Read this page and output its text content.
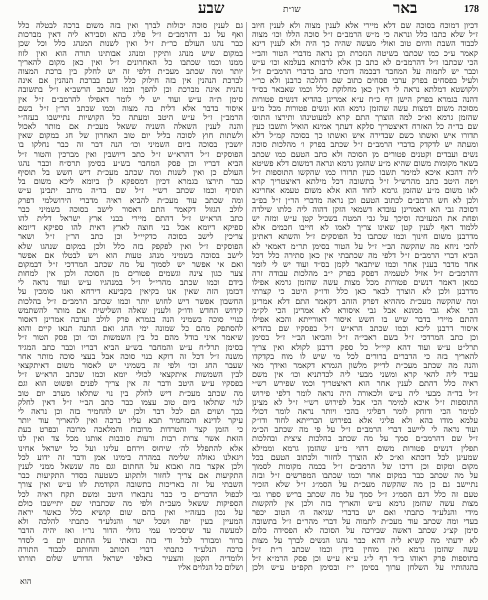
178
באר
שו״ת
שבע
דכיון דמוכח בסוכה שם דלא מיירי אלא לענין מצוה ולא לענין חיוב
ז״ל שלא כתבו כלל ונראה כי מ״ש הרמב״ם ז״ל סוכה הללו וכו׳ מצוה
לכבוד השבת והיום טוב ואולי מעשה שהיה כך היה ולא לענין דינא
קאמר ע״כ כמו שכתבו בשיטה הנזכרת וכן נראה מדברי הטור והב״י
הכי שכתבו ז״ל דהרמב״ם לא כתב כן אלא לרבותא בעלמא וכו׳ ע״ש
וכבר יש לתמוה על המחבר דבכמה דוכתי כתב כדברי הרמב״ם ז״ל
ולעיל בפסחים בפרק ערבי פסחים כתוב שם דהלכה כרבנן ולא כר״י
ולקושטא דמלתא נראה לי דאין כאן מחלוקת כלל וכמו שאבאר בס״ד
דהנה בגמרא בפרק הישן דף כ״ח ע״א אמרינן בהדיא דנשים פטורות
מסוכה משום דמצות עשה שהזמן גרמא הוא ונשים פטורות מכל מ״ע
שהזמן גרמא וא״כ למה הוצרך התם קרא למעוטינהו ותירצו התוס׳
שם בד״ה כל האזרח דאיצטריך סלקא דעתך אמינא הואיל ותשבו כעין
תדורו איש ואשתו כשם שבדירה איש ואשתו כך בסוכה קמ״ל דלא
ומעתה יש לדקדק בדברי הרמב״ם ז״ל שכתב בפרק ו׳ מהלכות סוכה
נשים ועבדים וקטנים פטורים מן הסוכה ולא כתב הטעם כמו שכתב
בשאר מקומות משום שהיא מ״ע שהזמן גרמא ונראה דמשום דלא פשיטא
ליה דהכא איכא למימר תשבו כעין תדורו כמו שהקשו התוספות ז״ל
ויפה היטב כתב מהרש״ל ז״ל בתשובה דכל מילתא דאיצטריך קרא
לאו משום מ״ע שהזמן גרמא לחוד הוא אלא משום טעמא אחרינא
ולכן לא חש הרמב״ם לכתוב הטעם וכן נראה מדברי הר״ן ז״ל בפ״ב
דסוכה גבי הא דאמרינן עובדא דשמאי הזקן דהוה ליה כלתו שילדה
ופחת את המעזיבה וסיכך על גבי המטה בשביל קטן ע״ש ומזה יש
ללמוד דאף לענין קטן שאינו צריך לאמו לא חייבו חכמים אלא
מדרבנן משום חינוך וכמו שכתבו כל הפוסקים ז״ל והשתא דאתינן
להכי ניחא מה שהקשה הב״י ז״ל על הטור בסימן תר״מ דאמאי לא
הביא דברי הרמב״ם ז״ל דלפי מה שכתבתי אין כאן סתירה כלל דכל
אחד מדבר בענין אחר וכמו שיתבאר לקמן בס״ד ועוד יש לי לומר
דהרמב״ם ז״ל אזיל לטעמיה דפסק בפרק י״ב מהלכות עבודה זרה
כמאן דאמר דנשים פטורות מכל מצות עשה שהזמן גרמא אפילו
מדרבנן ולכן לא הוצרך לבאר כאן כלל ודו״ק היטב כי קצרתי
ומה שהקשה מעכ״ת מההיא דפרק הזהב דקאמר התם דלא אמרינן
הכי אלא גבי ממונא אבל גבי איסורא לא אמרינן הכי לק״מ
דהתם מיירי בדבר שיש בו חשש איסור דאורייתא והכא אפילו
איסור דרבנן ליכא וכמו שכתב הרא״ש ז״ל בפסקיו שם בהדיא
וכן כתב המרדכי ז״ל בשם ראבי״ה ז״ל והביאו הב״י ז״ל בסימן
תרל״ט ע״ש ועוד דהא קיי״ל כל ספק דרבנן לקולא ואין צריך
להאריך בזה כי הדברים ברורים לכל מי שיש לו מוח בקדקדו
והנה מה שכתב מעכ״ת לדייק מלשון הגמרא דקאמר ואידך מאי
עביד ליה להאי קרא ומשני מבעי ליה לכדתניא וכו׳ אין משם
ראיה כלל דהתם לענין אחר הוא דאיצטריך וכמו שפירש רש״י
ז״ל בד״ה מבעי ליה ע״ש ולכאורה היה נראה לומר דלפי פירוש
התוספות ז״ל איכא למימר הכי אבל לפירוש רש״י ז״ל לא מצינן
למימר הכי ודוחק לומר דפליגי בהכי ויותר נראה לומר דכולי
עלמא מודו בהא ולא פליגי אלא בפירוש הברייתא לחוד ודו״ק
ועוד נראה לי ליישב דברי הרמב״ם ז״ל על פי מה שכתב הכ״מ
ז״ל שם דהרמב״ם סמך על מה שכתב בהלכות ציצית ובהלכות
תפלין דנשים פטורות משום דהוי מ״ע שהזמן גרמא וממילא
שמעינן לכל דוכתא וא״כ לא הוצרך לחזור ולכתוב הטעם בכל
מקום ומקום וכן דרכו של הרמב״ם ז״ל בכמה מקומות לסמוך
על מה שכתב כבר במקום אחר וכמו שכתבו המפרשים ז״ל ובזה
נתיישב גם כן מה שהקשה מעכ״ת על הסמ״ג ז״ל שלא הזכיר
טעם זה כלל דגם הסמ״ג ז״ל סמך על מה שכתב בריש ספרו גבי
מצות עשה שהזמן גרמא ע״ש והאריך בזה ולכן אין להקשות
מידי והנלע״ד כתבתי ואם יש בדברי שגיאה ה׳ הטוב יכפר
בעדי ומה שכתב עוד מעכ״ת לתמוה על דברי מהר״ם ז״ל בתשובה
סימן קצ״ג שכתב דאשה שבירכה על הסוכה לא הפסידה כלום
לא ידעתי מה קשיא ליה דהא כבר נהגו הנשים לברך על מצות
עשה שהזמן גרמא ואין מוחין בידן וכמו שכתב ר״ת ז״ל
בתוספות פרק ראוהו ב״ד דף ל״ג ע״א ע״ש וכן פסק הרמ״א ז״ל
בהגהותיו על השלחן ערוך בסימן י״ז ובסימן תקפ״ט ע״ש ולכן
גם לענין סוכה יכולות לברך ואין בזה משום ברכה לבטלה כלל
ואף על גב דהרמב״ם ז״ל פליג בהא וסבירא ליה דאין מברכות
כבר נהגו העולם כר״ת ז״ל ואין לשנות המנהג כלל וכל שכן
במקום שיש מנהג ותיקין ומנהג אבותינו תורה הוא ואין לזוז
ממנו וכמו שכתבו כל האחרונים ז״ל ואין כאן מקום להאריך
יותר ומה שכתב מעכ״ת דלפי זה יש לחלק בין ברכת המצוה
לברכת הנהנין אין בזה חילוק כלל דגם בברכת הנהנין אם אינה
נהנית אינה מברכת וכן להפך וכמו שכתב הרשב״א ז״ל בתשובה
סימן ת״ה ע״ש ועוד יש לי לומר דאפילו להרמב״ם ז״ל אין
איסור בדבר אלא דלית בה מצוה וכמו שכתב הר״ן ז״ל בשם
הרמב״ן ז״ל ע״ש היטב ומעתה כל הקושיות נתיישבו בעזה״י
והנה לענין השאלה השניה ששאל מעכ״ת אם מותר לאכול
ולשתות חוץ לסוכה בליל יום טוב האחרון של חג במקום שאין
יושבין בסוכה ביום השמיני וכו׳ הנה דבר זה כבר נחלקו בו
הפוסקים ז״ל דהרא״ש ז״ל כתב דיושבין ואין מברכין והטור ז״ל
הביא דבריו וכן פסק המחבר בש״ע בסימן תרס״ח וכבר נהגו
העולם כן ואין לשנות ומה שכתב מעכ״ת דיש חשש בל תוסיף
כבר תירצו בגמרא דכיון דמספקא לן ביומא ליכא משום בל
תוסיף וכמו שכתב רש״י ז״ל שם בד״ה מיתב יתבינן ע״ש
ומה שכתב עוד מעכ״ת להביא ראיה מדברי הירושלמי דפרק
לולב הגזול דקאמר התם דאסור לישב בסוכה בשמיני כבר
כתב הרא״ש ז״ל דהתם מיירי בבני ארץ ישראל דלית להו
ספיקא דיומא אבל בני חוצה לארץ דאית להו ספיקא דיומא
צריכין לישב בסוכה כדקיי״ל וכן כתב הר״ן ז״ל ושאר
הפוסקים ז״ל ואין לפקפק בזה כלל ולכן במקום שנהגו שלא
לישב בסוכה בשמיני מנהג טעות הוא ויש לבטלו אם אפשר
ואם אי אפשר יש לסמוך על מה שכתב המרדכי ז״ל דבמקום
צער כגון צינה וגשמים פטורים מן הסוכה ולכן אין למחות
בידם וכמו שכתב מהרי״ל ז״ל במנהגיו ע״ש ועוד נראה לי
דבזמן הזה שאין אנו בקיאין בקביעא דירחא ואנו סומכין על
החשבון אפשר דיש לחוש יותר וכמו שכתב הרמב״ם ז״ל בהלכות
קידוש החדש ודו״ק ולענין שאלה השלישית אם מותר להשתמש
בנויי סוכה בשמיני הנה בגמרא פרק לולב וערבה אמרינן דאסור
להסתפק מהם כל שמונה ימי החג ואם התנה תנאו קיים והוא
שיאמר איני בודל מהם כל בין השמשות וכו׳ וכן פסק הטור ז״ל
בסימן תרל״ח ע״ש והמחבר בש״ע הביא דבריו וכבר כתב המגיד
משנה ז״ל דכל זה דוקא בנוי סוכה אבל בעצי סוכה מותר אחר
שעבר החג וכו׳ ולפי זה בשמיני יש לאסור משום דאיתקצאי
לבין השמשות איתקצאי לכולי יומא וכמו שכתב הרא״ש ז״ל
בפסקיו ע״ש היטב ודבר זה אין צריך לפנים ופשוט הוא וגם
מה שכתב מעכ״ת דיש לחלק בין נוי שתלאו מערב יום טוב
לנוי שתלאו ביום טוב עצמו כבר כתב הב״י ז״ל דאין לחלק
בכך ושוים הם לכל דבר ולכן יש להחמיר בזה וכן נראה לי
עיקר לדינא והמחמיר תבא עליו ברכה ואין להאריך עוד יותר
כי הזמן קצר והטרדות מרובות והמלאכה מרובה ובפרט בעת
הזאת אשר צרות רבות ורעות סובבות אותנו מכל צד ואין לנו
אלא להתפלל לה׳ שיחוס וירחם עלינו ועל כל ישראל אחינו
ויגאלנו גאולה שלימה במהרה בימינו אמן ודבר זה ידוע לכל
ולכן אקצר בזה ואבוא על החתום וגם מה שנשאל ממני לענין
התקיעות אם צריך לחזור ולתקוע כשטעה בסדר התקיעות כבר
השבתי על זה באריכות בתשובה הקודמת לזו ע״ש ואין צורך
לכפול הדברים כי כבר נתבארו היטב ומשם תקח ראיה לכל
הספיקות ששאל מעכ״ת ולפי מה שכתבתי שם יתיישבו כולם
על נכון בעזה״י ואין בהם שום קושיא כלל כאשר יראה
המעיין בעין יפה ושכל ישר והנלע״ד כתבתי להלכה ולא
למעשה עד שיסכימו עמי גדולי הדור נר״ו ואז יהיה הדבר
ברור ומבורר לכל ודי בזה ובאתי על החתום יום ב׳ לסדר
ברכה הנלע״ד כתבתי דברי הכותב והחותם לכבוד התורה
ולומדיה הקטן והצעיר באלפי ישראל הדורש שלום תורתו
ושלום כל הנלוים אליו
הוא
